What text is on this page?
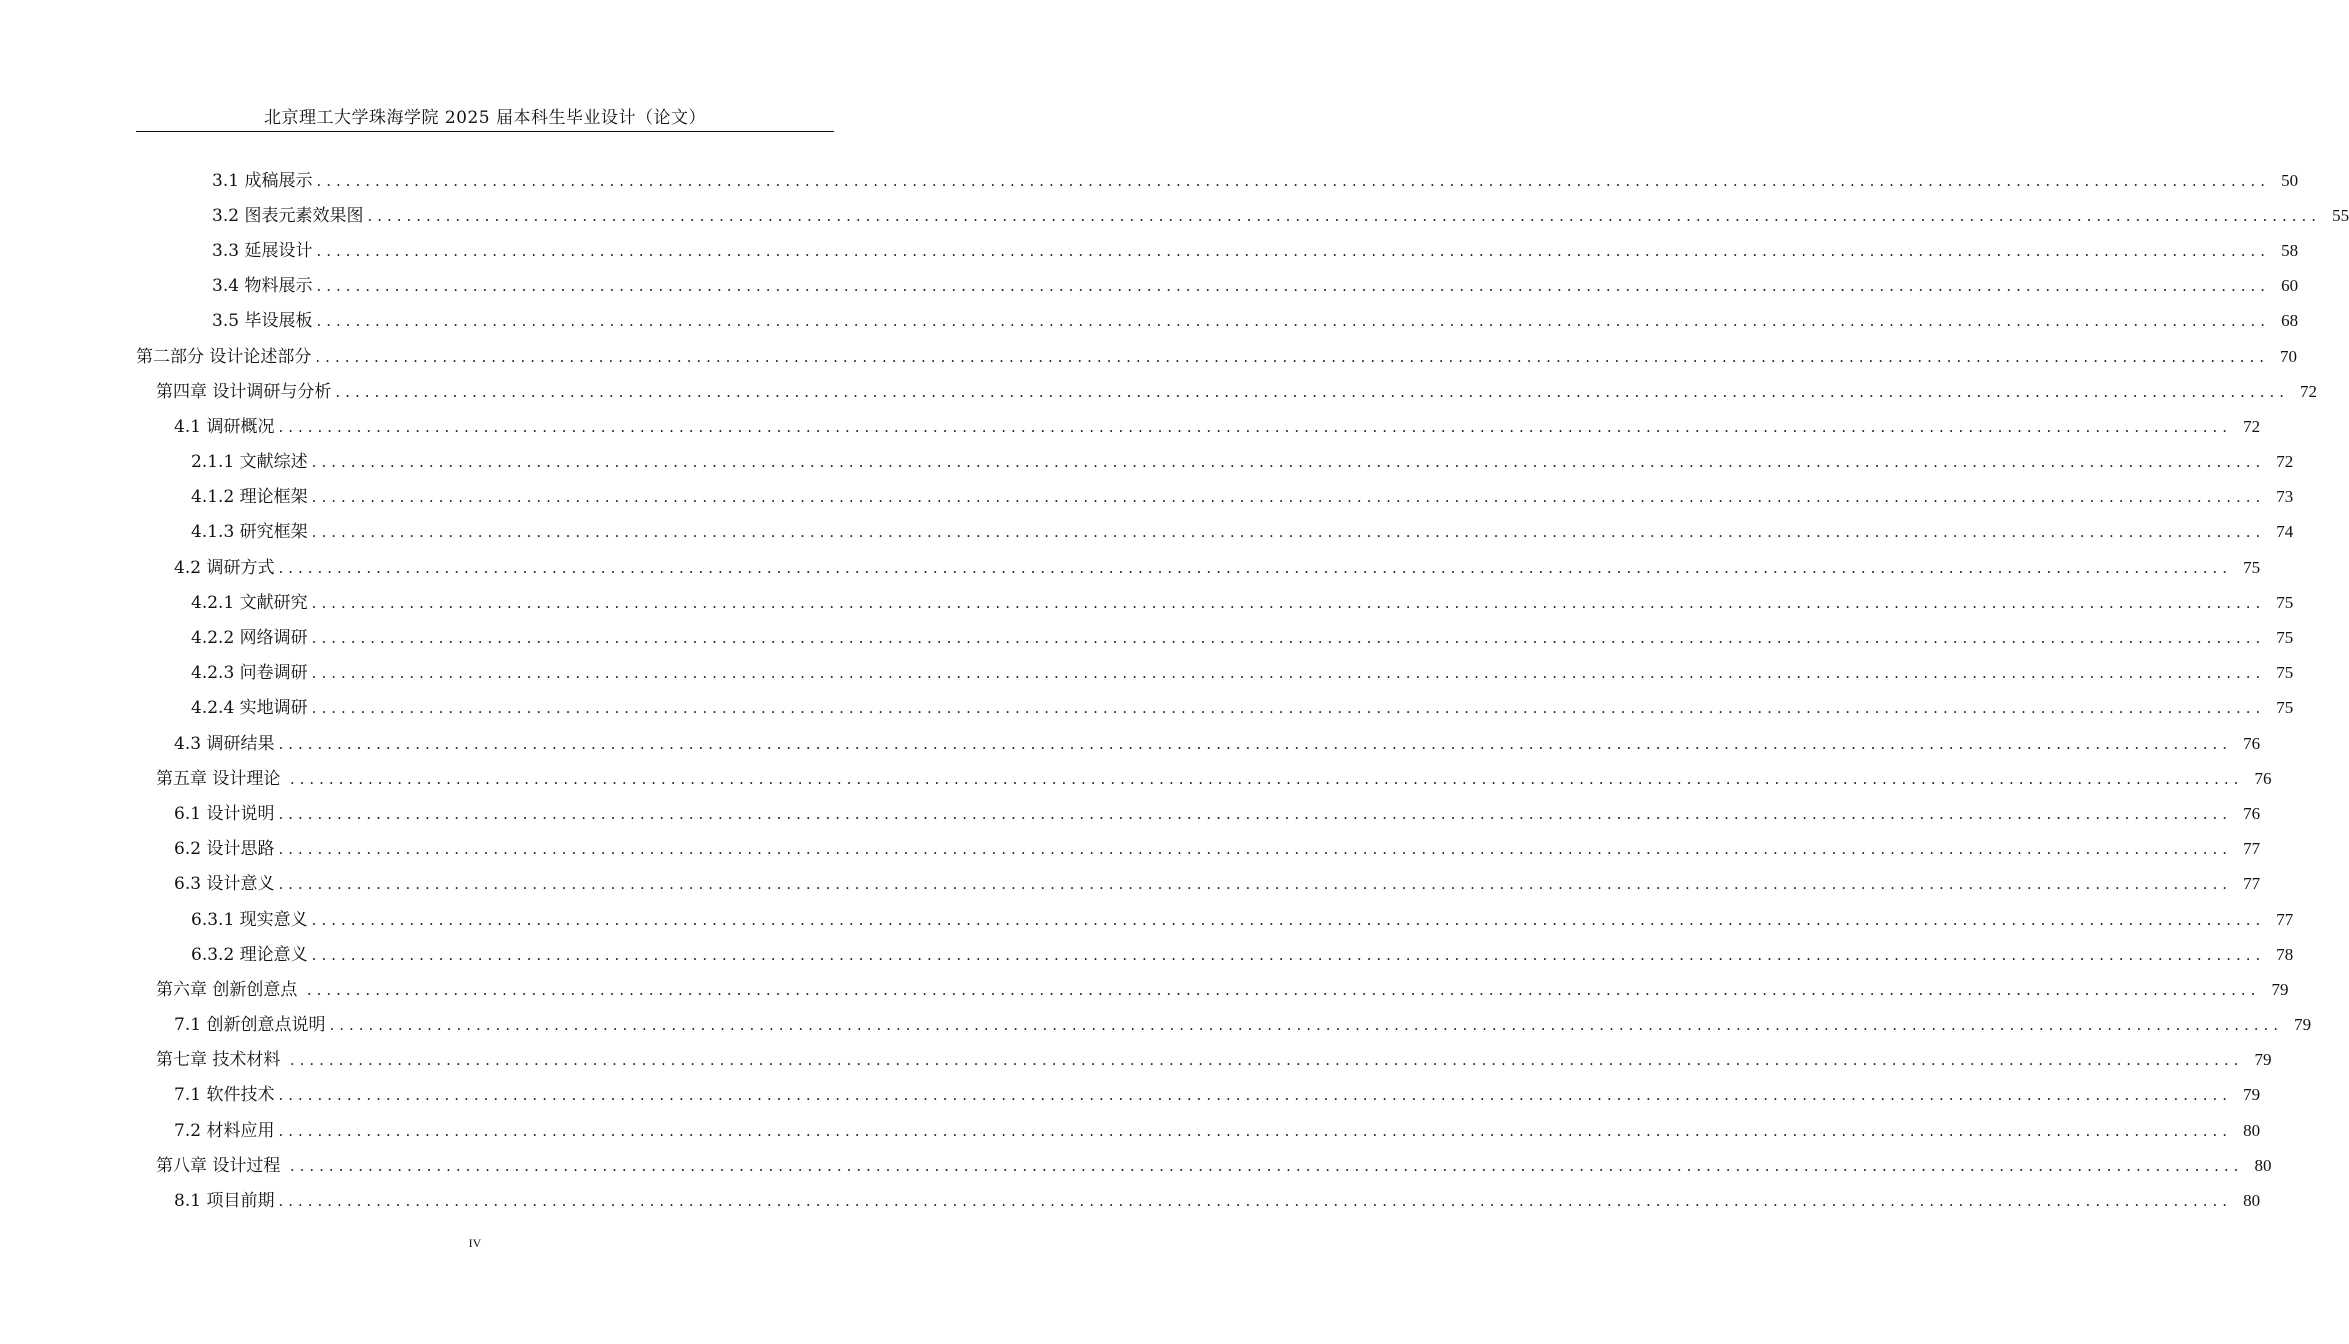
北京理工大学珠海学院 2025 届本科生毕业设计（论文）
3.1 成稿展示 ........................................................................................................................................................................................................ 50
3.2 图表元素效果图 ........................................................................................................................................................................................................ 55
3.3 延展设计 ........................................................................................................................................................................................................ 58
3.4 物料展示 ........................................................................................................................................................................................................ 60
3.5 毕设展板 ........................................................................................................................................................................................................ 68
第二部分 设计论述部分 ........................................................................................................................................................................................................ 70
第四章 设计调研与分析 ........................................................................................................................................................................................................ 72
4.1 调研概况 ........................................................................................................................................................................................................ 72
2.1.1 文献综述 ........................................................................................................................................................................................................ 72
4.1.2 理论框架 ........................................................................................................................................................................................................ 73
4.1.3 研究框架 ........................................................................................................................................................................................................ 74
4.2 调研方式 ........................................................................................................................................................................................................ 75
4.2.1 文献研究 ........................................................................................................................................................................................................ 75
4.2.2 网络调研 ........................................................................................................................................................................................................ 75
4.2.3 问卷调研 ........................................................................................................................................................................................................ 75
4.2.4 实地调研 ........................................................................................................................................................................................................ 75
4.3 调研结果 ........................................................................................................................................................................................................ 76
第五章 设计理论 ........................................................................................................................................................................................................ 76
6.1 设计说明 ........................................................................................................................................................................................................ 76
6.2 设计思路 ........................................................................................................................................................................................................ 77
6.3 设计意义 ........................................................................................................................................................................................................ 77
6.3.1 现实意义 ........................................................................................................................................................................................................ 77
6.3.2 理论意义 ........................................................................................................................................................................................................ 78
第六章 创新创意点 ........................................................................................................................................................................................................ 79
7.1 创新创意点说明 ........................................................................................................................................................................................................ 79
第七章 技术材料 ........................................................................................................................................................................................................ 79
7.1 软件技术 ........................................................................................................................................................................................................ 79
7.2 材料应用 ........................................................................................................................................................................................................ 80
第八章 设计过程 ........................................................................................................................................................................................................ 80
8.1 项目前期 ........................................................................................................................................................................................................ 80
IV
